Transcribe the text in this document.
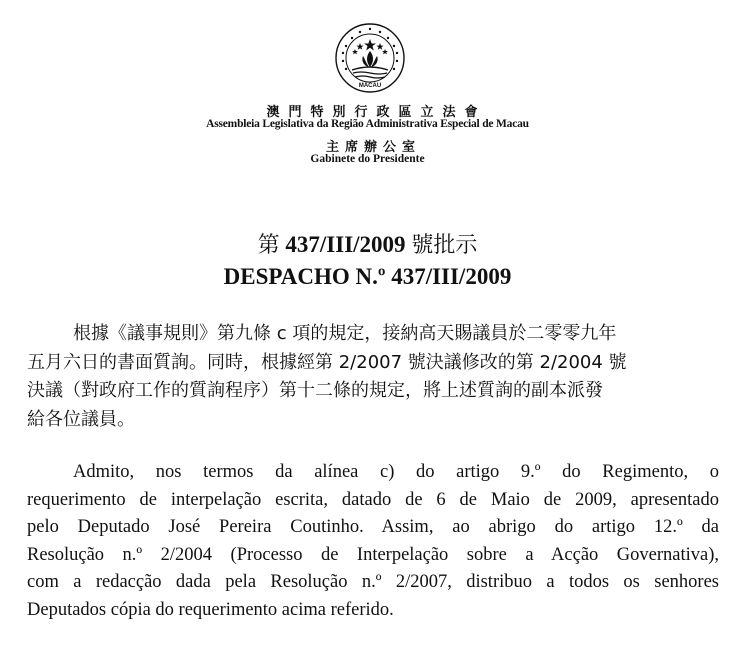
MACAU
澳門特別行政區立法會
Assembleia Legislativa da Região Administrativa Especial de Macau
主席辦公室
Gabinete do Presidente
第 437/III/2009 號批示
DESPACHO N.º 437/III/2009
根據《議事規則》第九條 c 項的規定，接納高天賜議員於二零零九年
五月六日的書面質詢。同時，根據經第 2/2007 號決議修改的第 2/2004 號
決議（對政府工作的質詢程序）第十二條的規定，將上述質詢的副本派發
給各位議員。
Admito, nos termos da alínea c) do artigo 9.º do Regimento, o
requerimento de interpelação escrita, datado de 6 de Maio de 2009, apresentado
pelo Deputado José Pereira Coutinho. Assim, ao abrigo do artigo 12.º da
Resolução n.º 2/2004 (Processo de Interpelação sobre a Acção Governativa),
com a redacção dada pela Resolução n.º 2/2007, distribuo a todos os senhores
Deputados cópia do requerimento acima referido.
